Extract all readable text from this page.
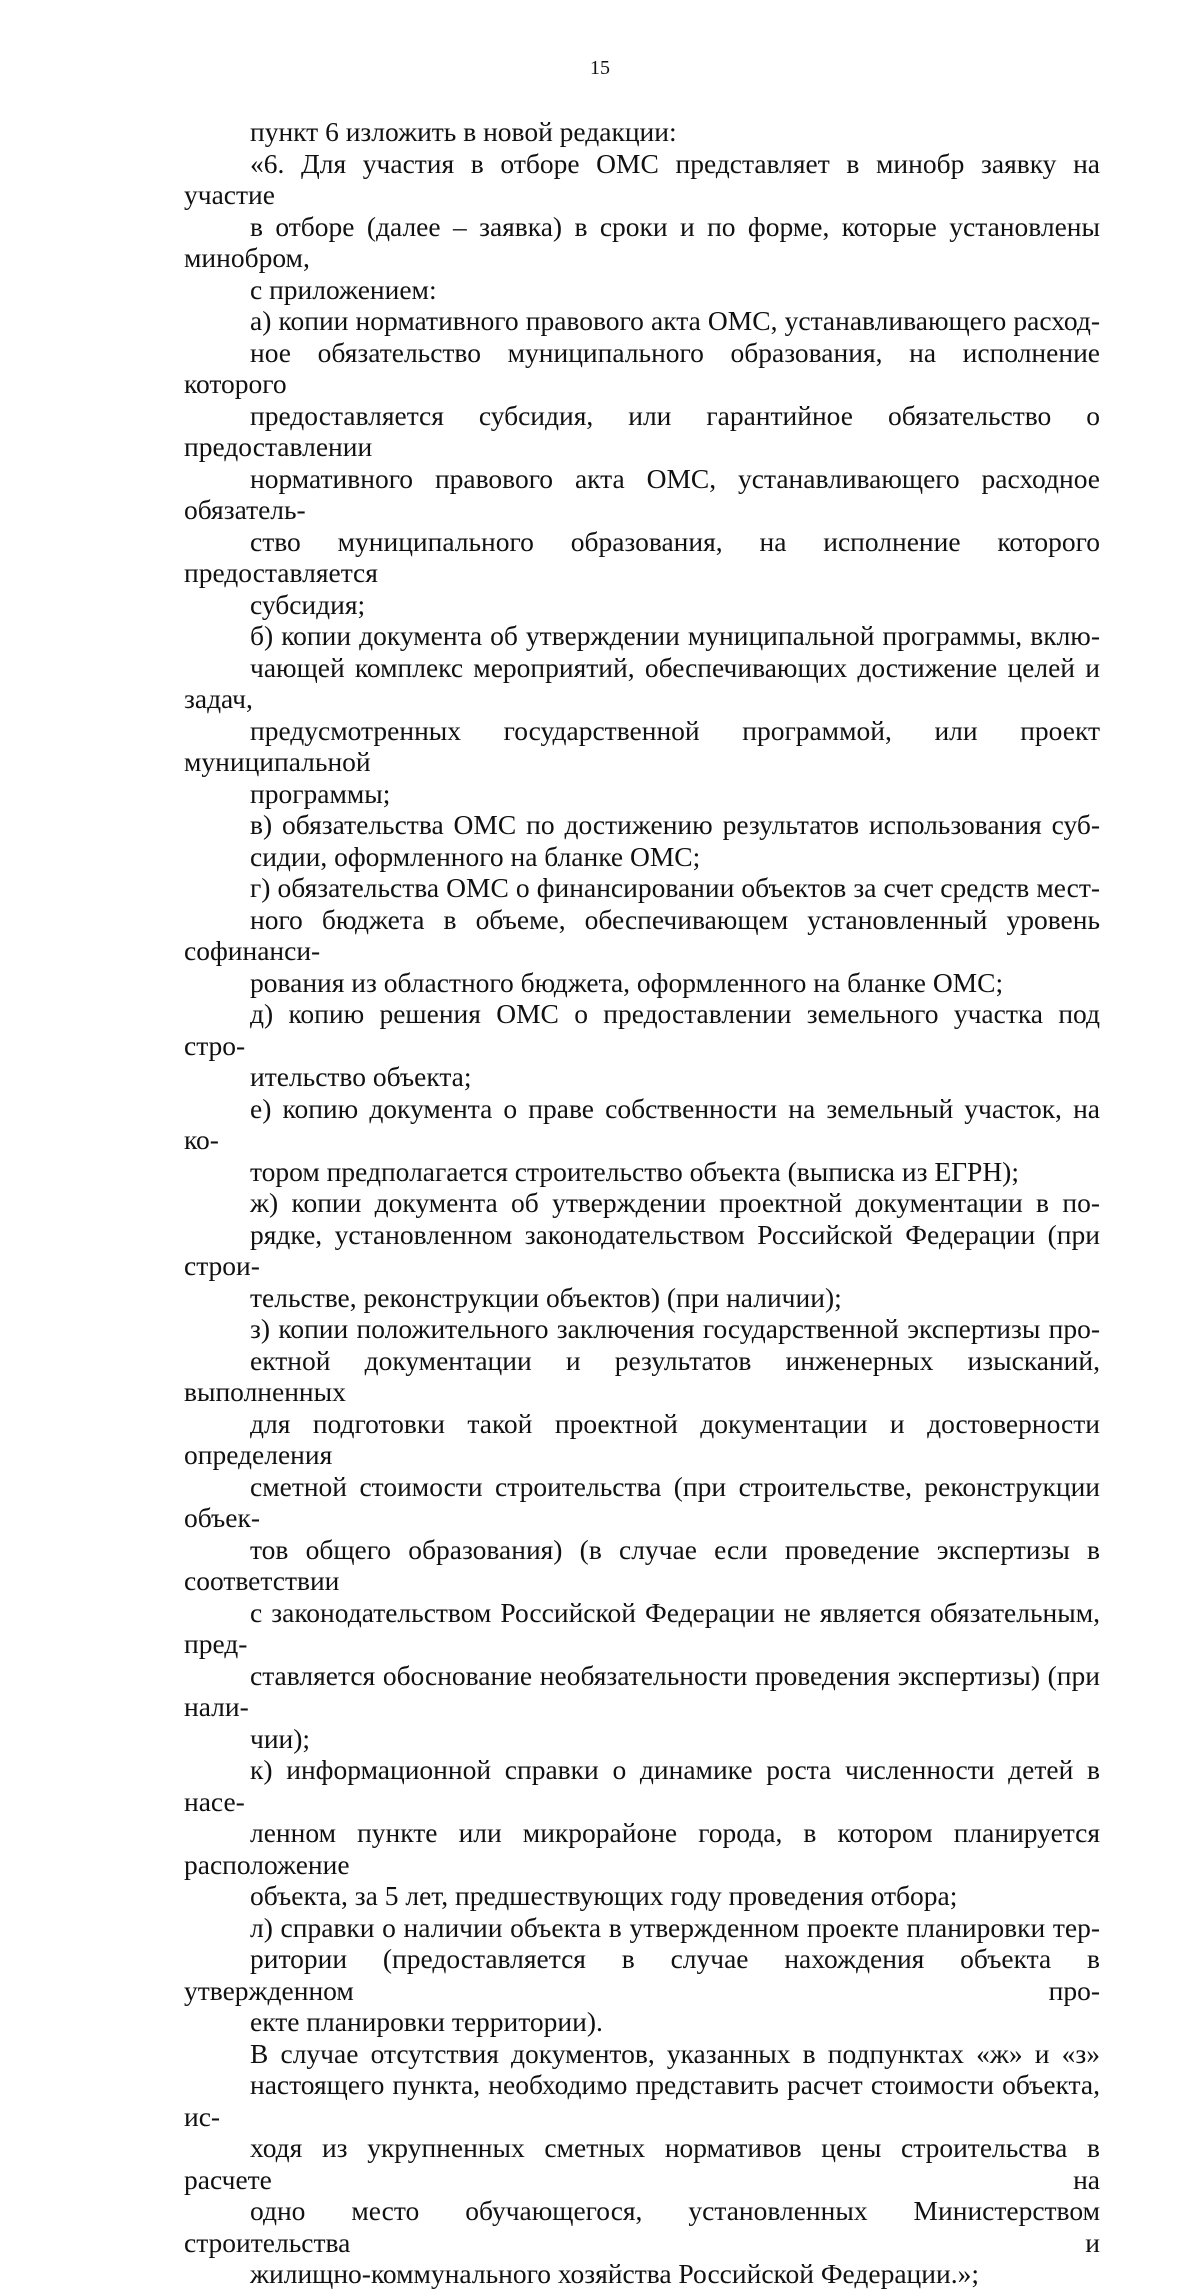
15

пункт 6 изложить в новой редакции:

«6. Для участия в отборе ОМС представляет в минобр заявку на участие
в отборе (далее – заявка) в сроки и по форме, которые установлены минобром,
с приложением:

а) копии нормативного правового акта ОМС, устанавливающего расход-
ное обязательство муниципального образования, на исполнение которого
предоставляется субсидия, или гарантийное обязательство о предоставлении
нормативного правового акта ОМС, устанавливающего расходное обязатель-
ство муниципального образования, на исполнение которого предоставляется
субсидия;

б) копии документа об утверждении муниципальной программы, вклю-
чающей комплекс мероприятий, обеспечивающих достижение целей и задач,
предусмотренных государственной программой, или проект муниципальной
программы;

в) обязательства ОМС по достижению результатов использования суб-
сидии, оформленного на бланке ОМС;

г) обязательства ОМС о финансировании объектов за счет средств мест-
ного бюджета в объеме, обеспечивающем установленный уровень софинанси-
рования из областного бюджета, оформленного на бланке ОМС;

д) копию решения ОМС о предоставлении земельного участка под стро-
ительство объекта;

е) копию документа о праве собственности на земельный участок, на ко-
тором предполагается строительство объекта (выписка из ЕГРН);

ж) копии документа об утверждении проектной документации в по-
рядке, установленном законодательством Российской Федерации (при строи-
тельстве, реконструкции объектов) (при наличии);

з) копии положительного заключения государственной экспертизы про-
ектной документации и результатов инженерных изысканий, выполненных
для подготовки такой проектной документации и достоверности определения
сметной стоимости строительства (при строительстве, реконструкции объек-
тов общего образования) (в случае если проведение экспертизы в соответствии
с законодательством Российской Федерации не является обязательным, пред-
ставляется обоснование необязательности проведения экспертизы) (при нали-
чии);

к) информационной справки о динамике роста численности детей в насе-
ленном пункте или микрорайоне города, в котором планируется расположение
объекта, за 5 лет, предшествующих году проведения отбора;

л) справки о наличии объекта в утвержденном проекте планировки тер-
ритории (предоставляется в случае нахождения объекта в утвержденном про-
екте планировки территории).

В случае отсутствия документов, указанных в подпунктах «ж» и «з»
настоящего пункта, необходимо представить расчет стоимости объекта, ис-
ходя из укрупненных сметных нормативов цены строительства в расчете на
одно место обучающегося, установленных Министерством строительства и
жилищно-коммунального хозяйства Российской Федерации.»;
